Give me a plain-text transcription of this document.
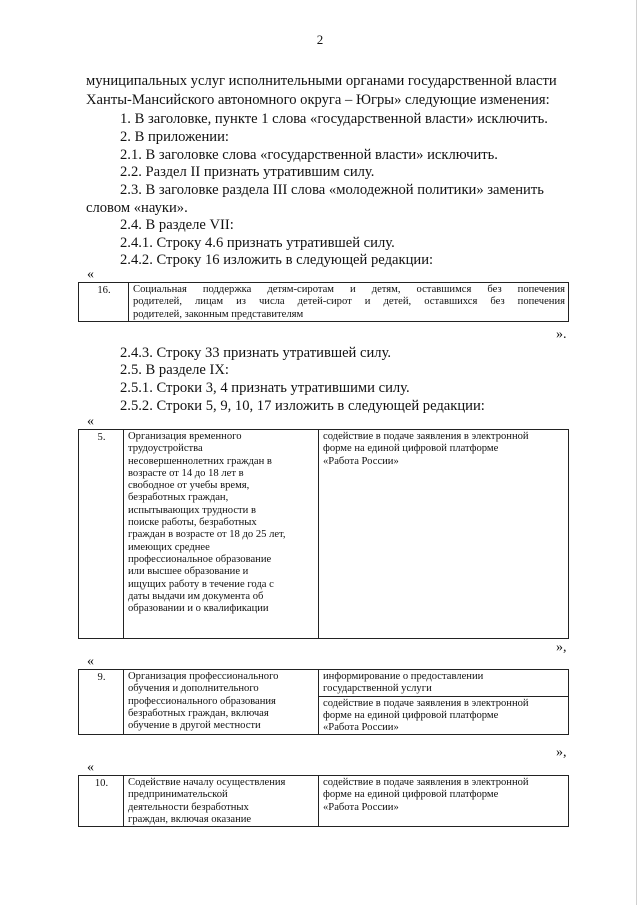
2
муниципальных услуг исполнительными органами государственной власти
Ханты-Мансийского автономного округа – Югры» следующие изменения:
1. В заголовке, пункте 1 слова «государственной власти» исключить.
2. В приложении:
2.1. В заголовке слова «государственной власти» исключить.
2.2. Раздел II признать утратившим силу.
2.3. В заголовке раздела III слова «молодежной политики» заменить
словом «науки».
2.4. В разделе VII:
2.4.1. Строку 4.6 признать утратившей силу.
2.4.2. Строку 16 изложить в следующей редакции:
«
16.	Социальная поддержка детям-сиротам и детям, оставшимся без попечения
родителей, лицам из числа детей-сирот и детей, оставшихся без попечения
родителей, законным представителям
».
2.4.3. Строку 33 признать утратившей силу.
2.5. В разделе IX:
2.5.1. Строки 3, 4 признать утратившими силу.
2.5.2. Строки 5, 9, 10, 17 изложить в следующей редакции:
«
5.	Организация временного
трудоустройства
несовершеннолетних граждан в
возрасте от 14 до 18 лет в
свободное от учебы время,
безработных граждан,
испытывающих трудности в
поиске работы, безработных
граждан в возрасте от 18 до 25 лет,
имеющих среднее
профессиональное образование
или высшее образование и
ищущих работу в течение года с
даты выдачи им документа об
образовании и о квалификации

содействие в подаче заявления в электронной
форме на единой цифровой платформе
«Работа России»
»,
«
9.	Организация профессионального
обучения и дополнительного
профессионального образования
безработных граждан, включая
обучение в другой местности

информирование о предоставлении
государственной услуги

содействие в подаче заявления в электронной
форме на единой цифровой платформе
«Работа России»
»,
«
10.	Содействие началу осуществления
предпринимательской
деятельности безработных
граждан, включая оказание

содействие в подаче заявления в электронной
форме на единой цифровой платформе
«Работа России»
